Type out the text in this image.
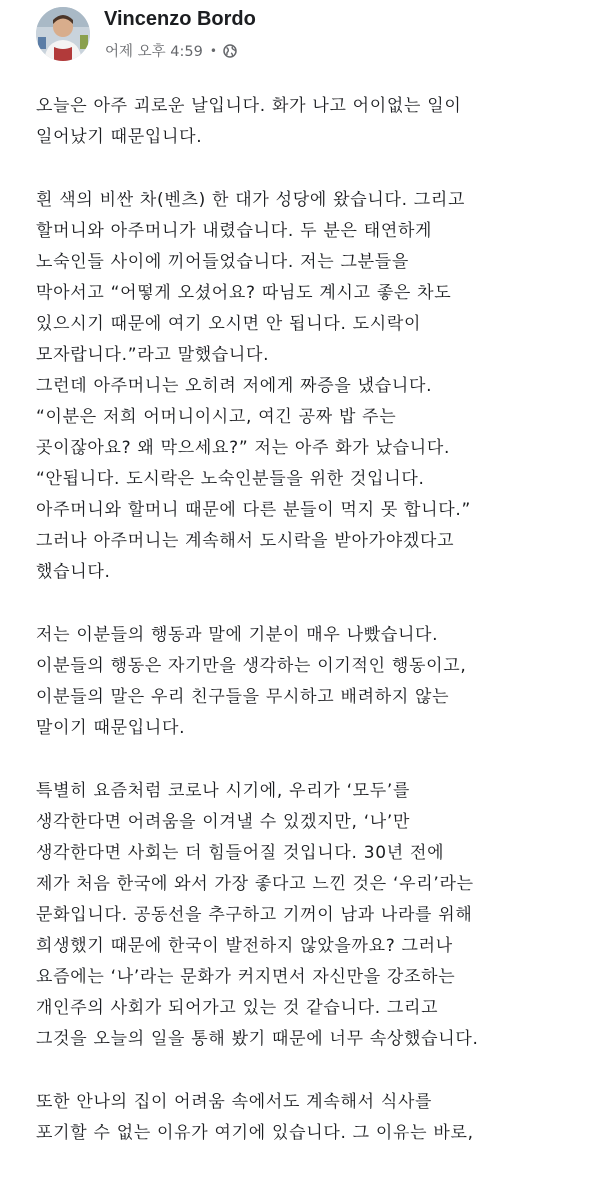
Vincenzo Bordo
어제 오후 4:59 •

오늘은 아주 괴로운 날입니다. 화가 나고 어이없는 일이
일어났기 때문입니다.

흰 색의 비싼 차(벤츠) 한 대가 성당에 왔습니다. 그리고
할머니와 아주머니가 내렸습니다. 두 분은 태연하게
노숙인들 사이에 끼어들었습니다. 저는 그분들을
막아서고 “어떻게 오셨어요? 따님도 계시고 좋은 차도
있으시기 때문에 여기 오시면 안 됩니다. 도시락이
모자랍니다.”라고 말했습니다.
그런데 아주머니는 오히려 저에게 짜증을 냈습니다.
“이분은 저희 어머니이시고, 여긴 공짜 밥 주는
곳이잖아요? 왜 막으세요?” 저는 아주 화가 났습니다.
“안됩니다. 도시락은 노숙인분들을 위한 것입니다.
아주머니와 할머니 때문에 다른 분들이 먹지 못 합니다.”
그러나 아주머니는 계속해서 도시락을 받아가야겠다고
했습니다.

저는 이분들의 행동과 말에 기분이 매우 나빴습니다.
이분들의 행동은 자기만을 생각하는 이기적인 행동이고,
이분들의 말은 우리 친구들을 무시하고 배려하지 않는
말이기 때문입니다.

특별히 요즘처럼 코로나 시기에, 우리가 ‘모두’를
생각한다면 어려움을 이겨낼 수 있겠지만, ‘나’만
생각한다면 사회는 더 힘들어질 것입니다. 30년 전에
제가 처음 한국에 와서 가장 좋다고 느낀 것은 ‘우리’라는
문화입니다. 공동선을 추구하고 기꺼이 남과 나라를 위해
희생했기 때문에 한국이 발전하지 않았을까요? 그러나
요즘에는 ‘나’라는 문화가 커지면서 자신만을 강조하는
개인주의 사회가 되어가고 있는 것 같습니다. 그리고
그것을 오늘의 일을 통해 봤기 때문에 너무 속상했습니다.

또한 안나의 집이 어려움 속에서도 계속해서 식사를
포기할 수 없는 이유가 여기에 있습니다. 그 이유는 바로,
